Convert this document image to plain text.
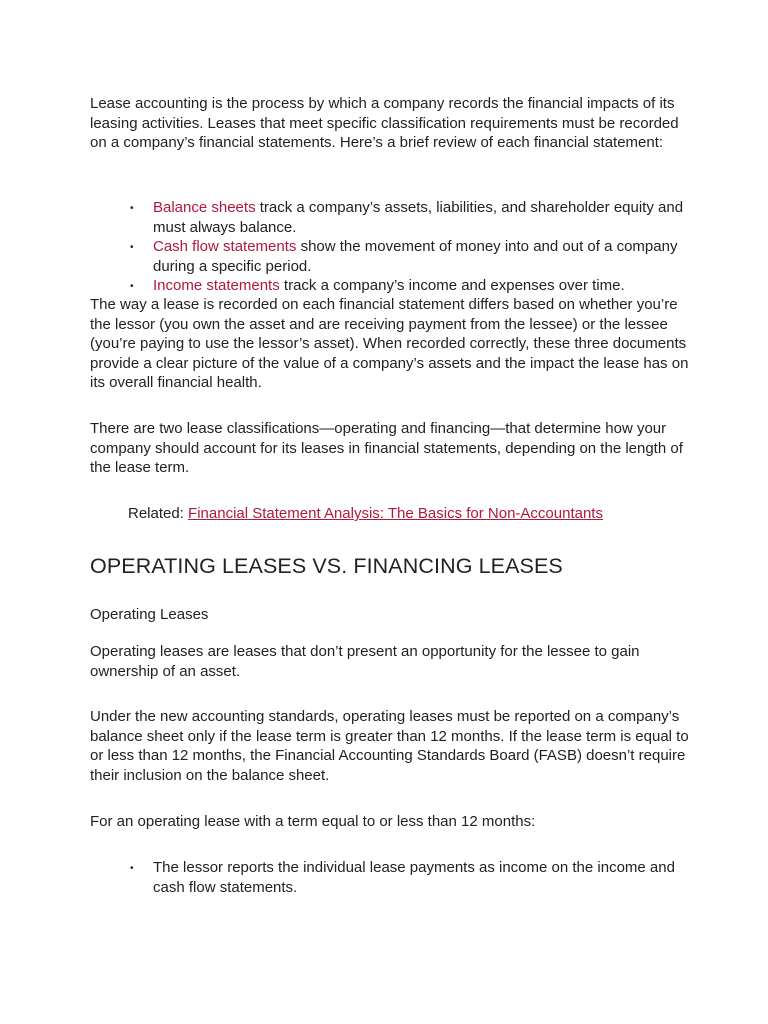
Lease accounting is the process by which a company records the financial impacts of its leasing activities. Leases that meet specific classification requirements must be recorded on a company’s financial statements. Here’s a brief review of each financial statement:

• Balance sheets track a company’s assets, liabilities, and shareholder equity and must always balance.
• Cash flow statements show the movement of money into and out of a company during a specific period.
• Income statements track a company’s income and expenses over time.

The way a lease is recorded on each financial statement differs based on whether you’re the lessor (you own the asset and are receiving payment from the lessee) or the lessee (you’re paying to use the lessor’s asset). When recorded correctly, these three documents provide a clear picture of the value of a company’s assets and the impact the lease has on its overall financial health.

There are two lease classifications—operating and financing—that determine how your company should account for its leases in financial statements, depending on the length of the lease term.

Related: Financial Statement Analysis: The Basics for Non-Accountants

OPERATING LEASES VS. FINANCING LEASES
Operating Leases

Operating leases are leases that don’t present an opportunity for the lessee to gain ownership of an asset.

Under the new accounting standards, operating leases must be reported on a company’s balance sheet only if the lease term is greater than 12 months. If the lease term is equal to or less than 12 months, the Financial Accounting Standards Board (FASB) doesn’t require their inclusion on the balance sheet.

For an operating lease with a term equal to or less than 12 months:

• The lessor reports the individual lease payments as income on the income and cash flow statements.
